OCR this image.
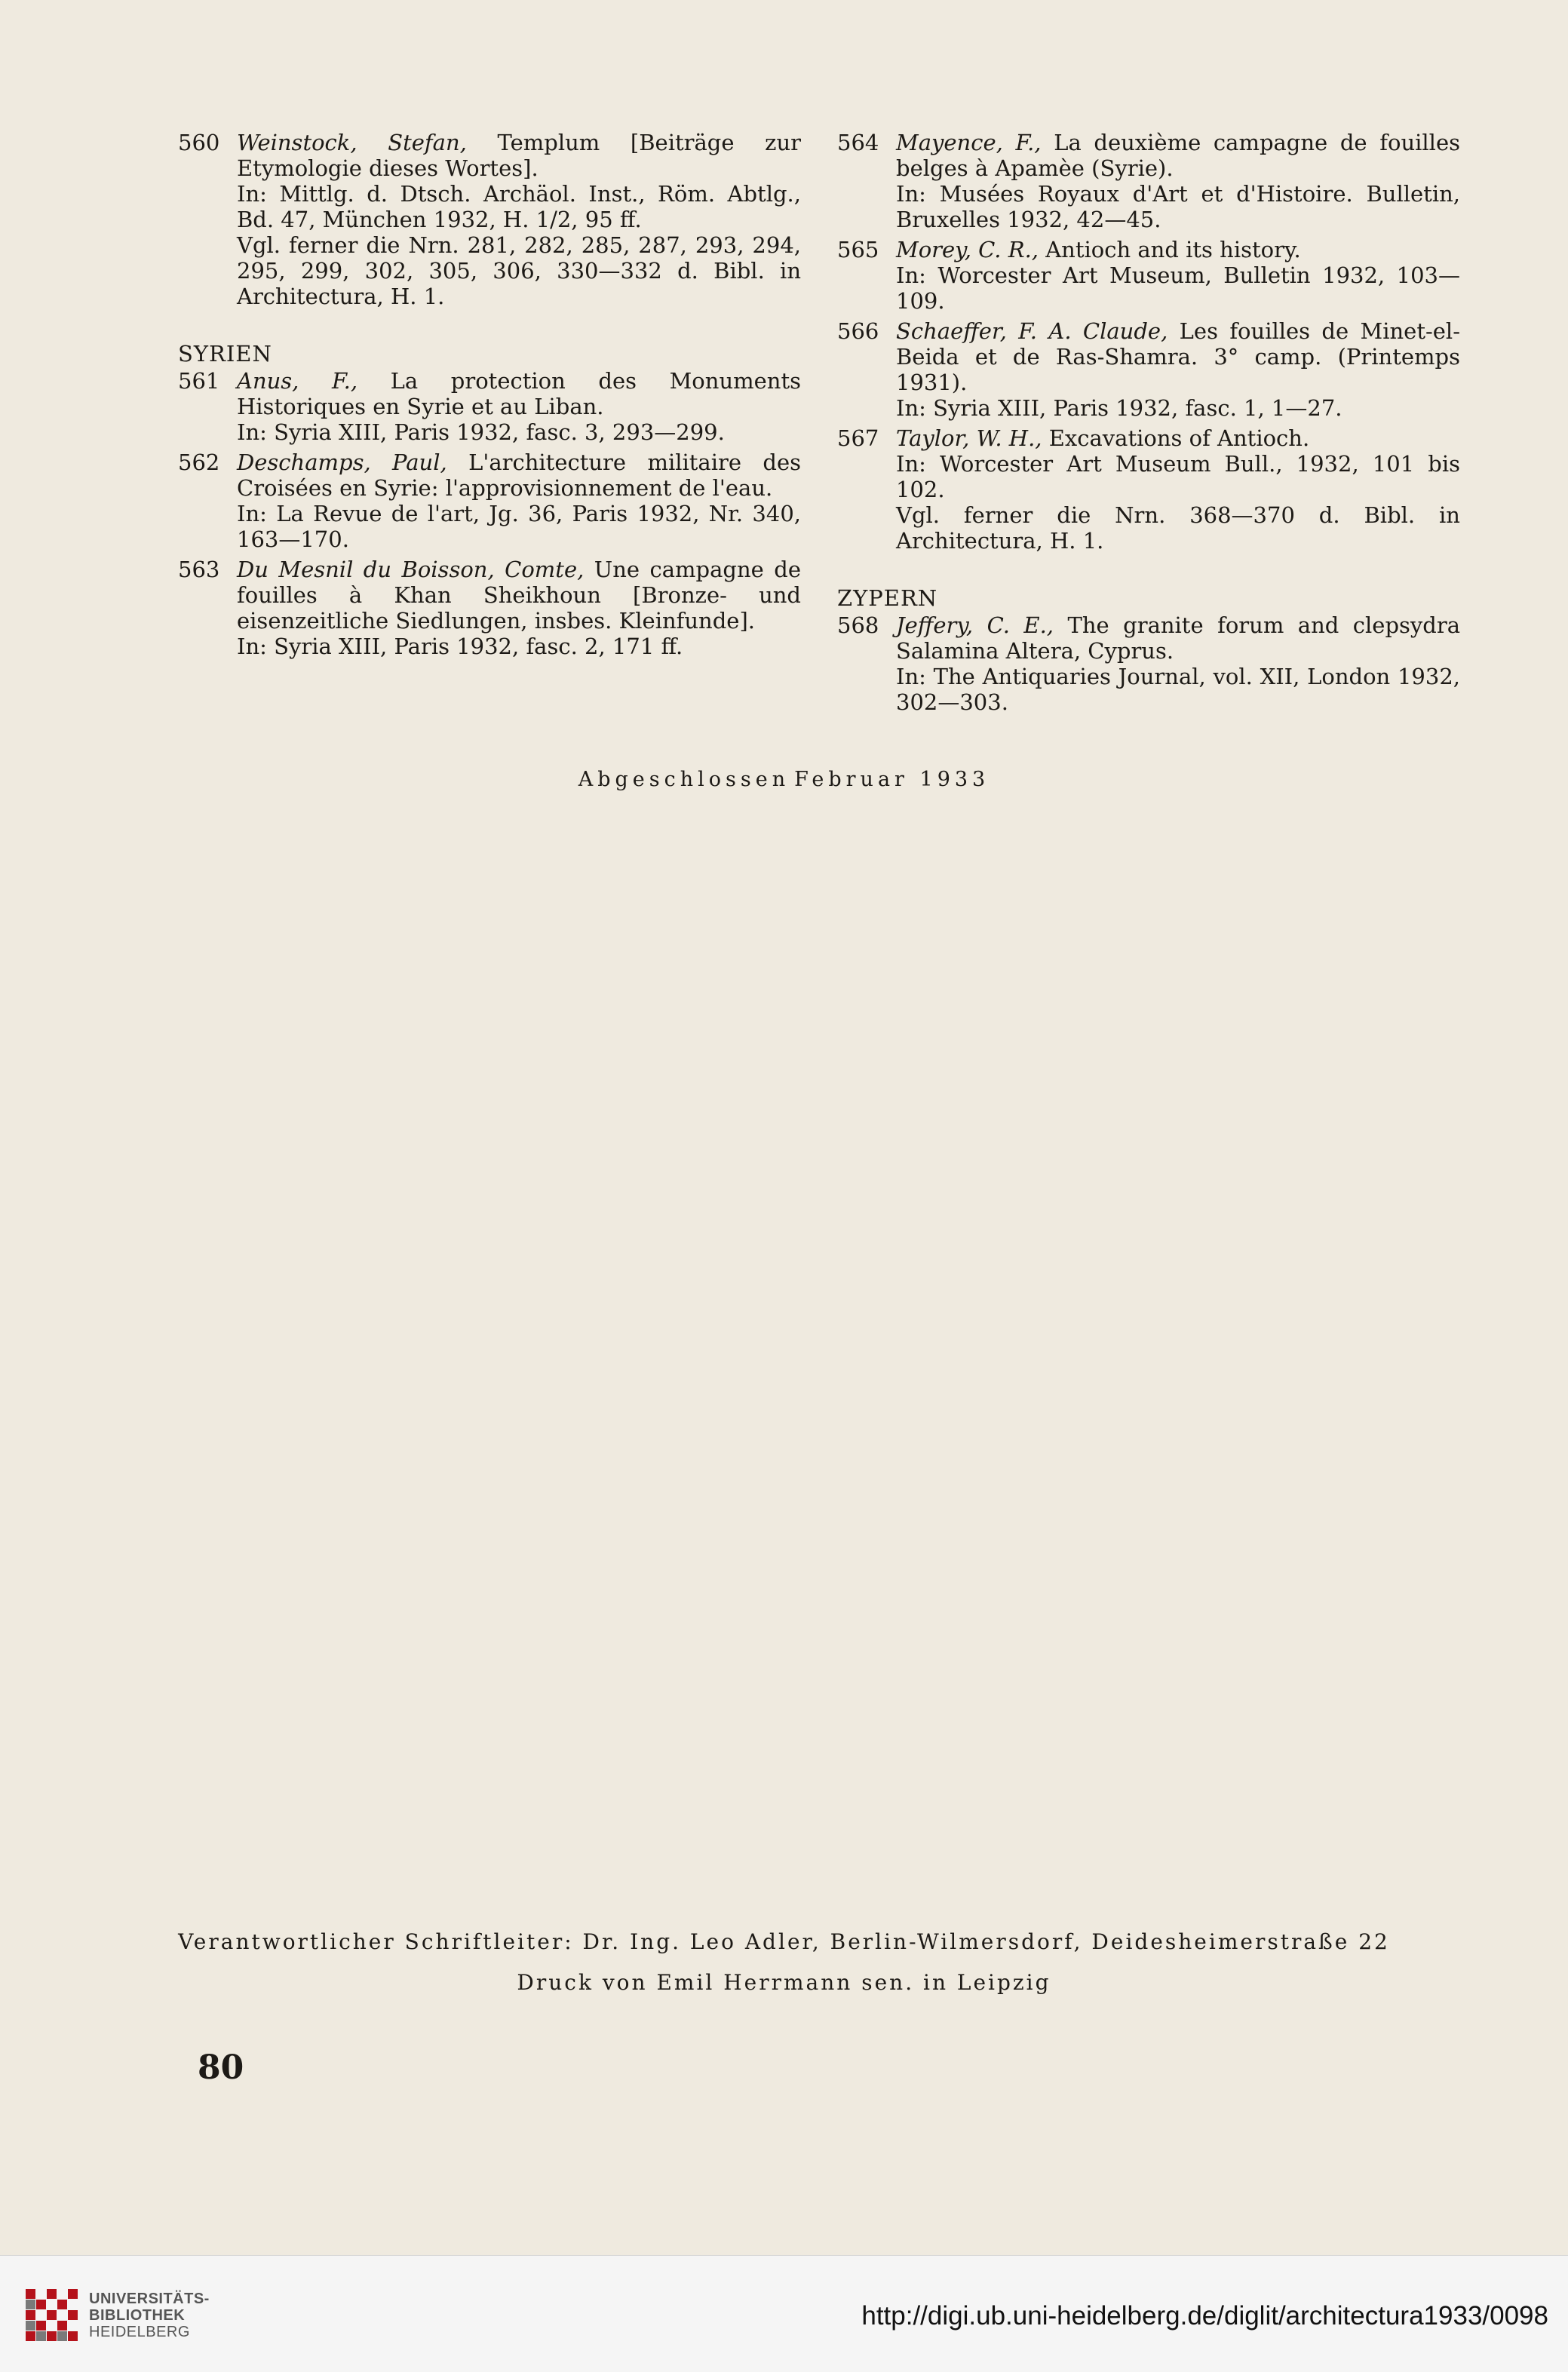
560 Weinstock, Stefan, Templum [Beiträge zur Etymologie dieses Wortes].
In: Mittlg. d. Dtsch. Archäol. Inst., Röm. Abtlg., Bd. 47, München 1932, H. 1/2, 95 ff.
Vgl. ferner die Nrn. 281, 282, 285, 287, 293, 294, 295, 299, 302, 305, 306, 330—332 d. Bibl. in Architectura, H. 1.

SYRIEN

561 Anus, F., La protection des Monuments Historiques en Syrie et au Liban.
In: Syria XIII, Paris 1932, fasc. 3, 293—299.

562 Deschamps, Paul, L'architecture militaire des Croisées en Syrie: l'approvisionnement de l'eau.
In: La Revue de l'art, Jg. 36, Paris 1932, Nr. 340, 163—170.

563 Du Mesnil du Boisson, Comte, Une campagne de fouilles à Khan Sheikhoun [Bronze- und eisenzeitliche Siedlungen, insbes. Kleinfunde].
In: Syria XIII, Paris 1932, fasc. 2, 171 ff.

564 Mayence, F., La deuxième campagne de fouilles belges à Apamèe (Syrie).
In: Musées Royaux d'Art et d'Histoire. Bulletin, Bruxelles 1932, 42—45.

565 Morey, C. R., Antioch and its history.
In: Worcester Art Museum, Bulletin 1932, 103—109.

566 Schaeffer, F. A. Claude, Les fouilles de Minet-el-Beida et de Ras-Shamra. 3° camp. (Printemps 1931).
In: Syria XIII, Paris 1932, fasc. 1, 1—27.

567 Taylor, W. H., Excavations of Antioch.
In: Worcester Art Museum Bull., 1932, 101 bis 102.
Vgl. ferner die Nrn. 368—370 d. Bibl. in Architectura, H. 1.

ZYPERN

568 Jeffery, C. E., The granite forum and clepsydra Salamina Altera, Cyprus.
In: The Antiquaries Journal, vol. XII, London 1932, 302—303.

Abgeschlossen Februar 1933
Verantwortlicher Schriftleiter: Dr. Ing. Leo Adler, Berlin-Wilmersdorf, Deidesheimerstraße 22
Druck von Emil Herrmann sen. in Leipzig
80
UNIVERSITÄTS-
BIBLIOTHEK
HEIDELBERG
http://digi.ub.uni-heidelberg.de/diglit/architectura1933/0098
